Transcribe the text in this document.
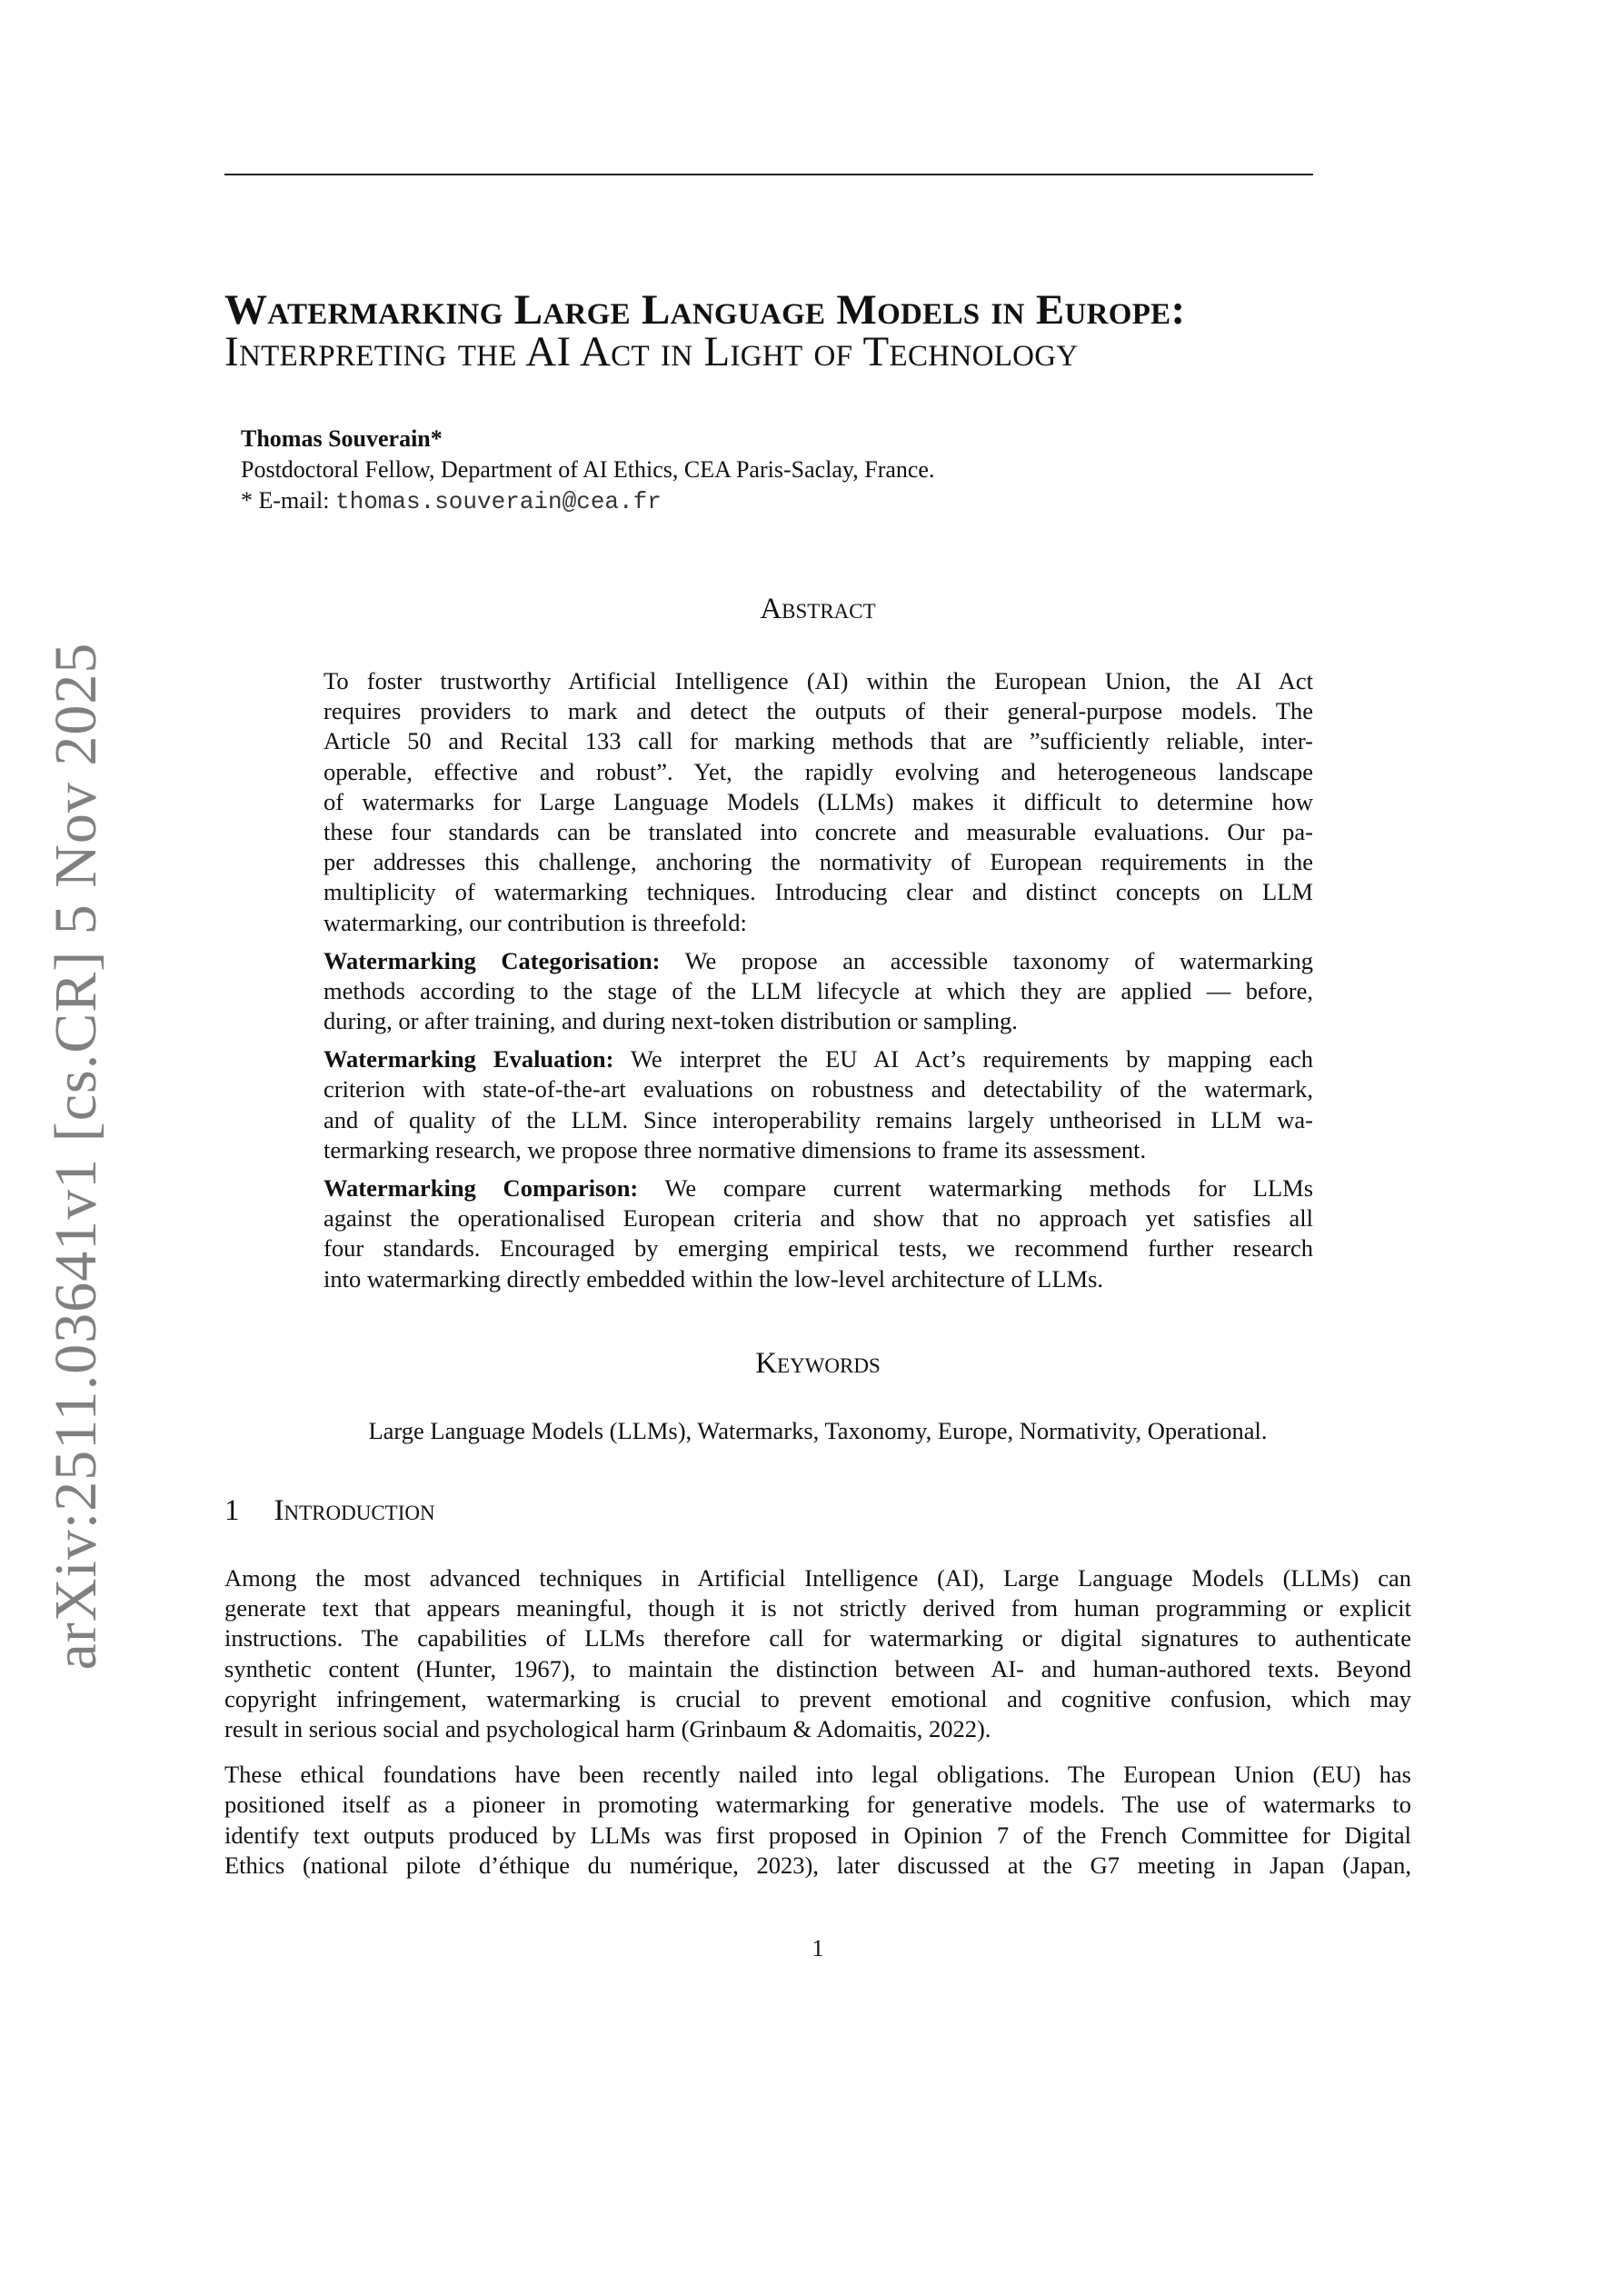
arXiv:2511.03641v1 [cs.CR] 5 Nov 2025
Watermarking Large Language Models in Europe:
Interpreting the AI Act in Light of Technology
Thomas Souverain*
Postdoctoral Fellow, Department of AI Ethics, CEA Paris-Saclay, France.
* E-mail: thomas.souverain@cea.fr
Abstract
To foster trustworthy Artificial Intelligence (AI) within the European Union, the AI Act
requires providers to mark and detect the outputs of their general-purpose models. The
Article 50 and Recital 133 call for marking methods that are ”sufficiently reliable, inter-
operable, effective and robust”. Yet, the rapidly evolving and heterogeneous landscape
of watermarks for Large Language Models (LLMs) makes it difficult to determine how
these four standards can be translated into concrete and measurable evaluations. Our pa-
per addresses this challenge, anchoring the normativity of European requirements in the
multiplicity of watermarking techniques. Introducing clear and distinct concepts on LLM
watermarking, our contribution is threefold:
Watermarking Categorisation: We propose an accessible taxonomy of watermarking
methods according to the stage of the LLM lifecycle at which they are applied — before,
during, or after training, and during next-token distribution or sampling.
Watermarking Evaluation: We interpret the EU AI Act’s requirements by mapping each
criterion with state-of-the-art evaluations on robustness and detectability of the watermark,
and of quality of the LLM. Since interoperability remains largely untheorised in LLM wa-
termarking research, we propose three normative dimensions to frame its assessment.
Watermarking Comparison: We compare current watermarking methods for LLMs
against the operationalised European criteria and show that no approach yet satisfies all
four standards. Encouraged by emerging empirical tests, we recommend further research
into watermarking directly embedded within the low-level architecture of LLMs.
Keywords
Large Language Models (LLMs), Watermarks, Taxonomy, Europe, Normativity, Operational.
1 Introduction
Among the most advanced techniques in Artificial Intelligence (AI), Large Language Models (LLMs) can
generate text that appears meaningful, though it is not strictly derived from human programming or explicit
instructions. The capabilities of LLMs therefore call for watermarking or digital signatures to authenticate
synthetic content (Hunter, 1967), to maintain the distinction between AI- and human-authored texts. Beyond
copyright infringement, watermarking is crucial to prevent emotional and cognitive confusion, which may
result in serious social and psychological harm (Grinbaum & Adomaitis, 2022).
These ethical foundations have been recently nailed into legal obligations. The European Union (EU) has
positioned itself as a pioneer in promoting watermarking for generative models. The use of watermarks to
identify text outputs produced by LLMs was first proposed in Opinion 7 of the French Committee for Digital
Ethics (national pilote d’éthique du numérique, 2023), later discussed at the G7 meeting in Japan (Japan,
1
